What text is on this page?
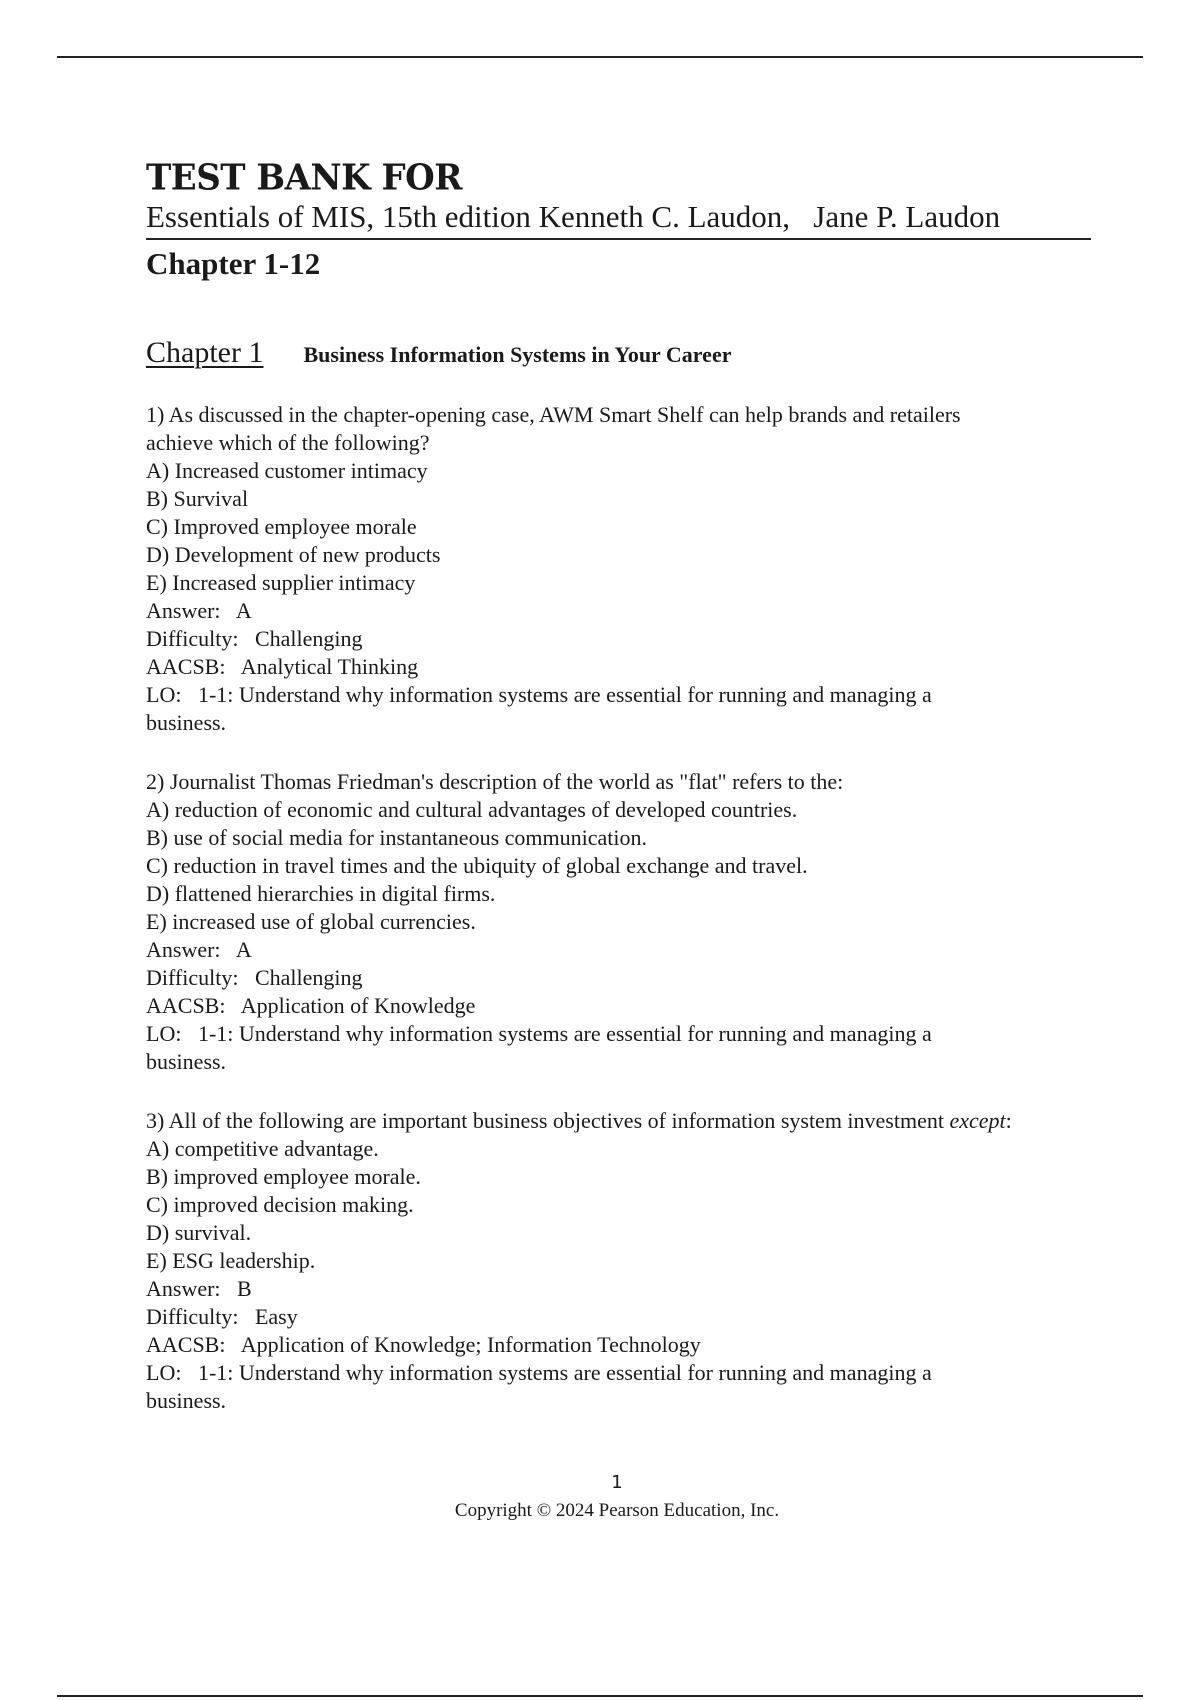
TEST BANK FOR
Essentials of MIS, 15th edition Kenneth C. Laudon,   Jane P. Laudon
Chapter 1-12
Chapter 1 Business Information Systems in Your Career
1) As discussed in the chapter-opening case, AWM Smart Shelf can help brands and retailers
achieve which of the following?
A) Increased customer intimacy
B) Survival
C) Improved employee morale
D) Development of new products
E) Increased supplier intimacy
Answer:   A
Difficulty:   Challenging
AACSB:   Analytical Thinking
LO:   1-1: Understand why information systems are essential for running and managing a
business.
2) Journalist Thomas Friedman's description of the world as "flat" refers to the:
A) reduction of economic and cultural advantages of developed countries.
B) use of social media for instantaneous communication.
C) reduction in travel times and the ubiquity of global exchange and travel.
D) flattened hierarchies in digital firms.
E) increased use of global currencies.
Answer:   A
Difficulty:   Challenging
AACSB:   Application of Knowledge
LO:   1-1: Understand why information systems are essential for running and managing a
business.
3) All of the following are important business objectives of information system investment except:
A) competitive advantage.
B) improved employee morale.
C) improved decision making.
D) survival.
E) ESG leadership.
Answer:   B
Difficulty:   Easy
AACSB:   Application of Knowledge; Information Technology
LO:   1-1: Understand why information systems are essential for running and managing a
business.
1
Copyright © 2024 Pearson Education, Inc.
